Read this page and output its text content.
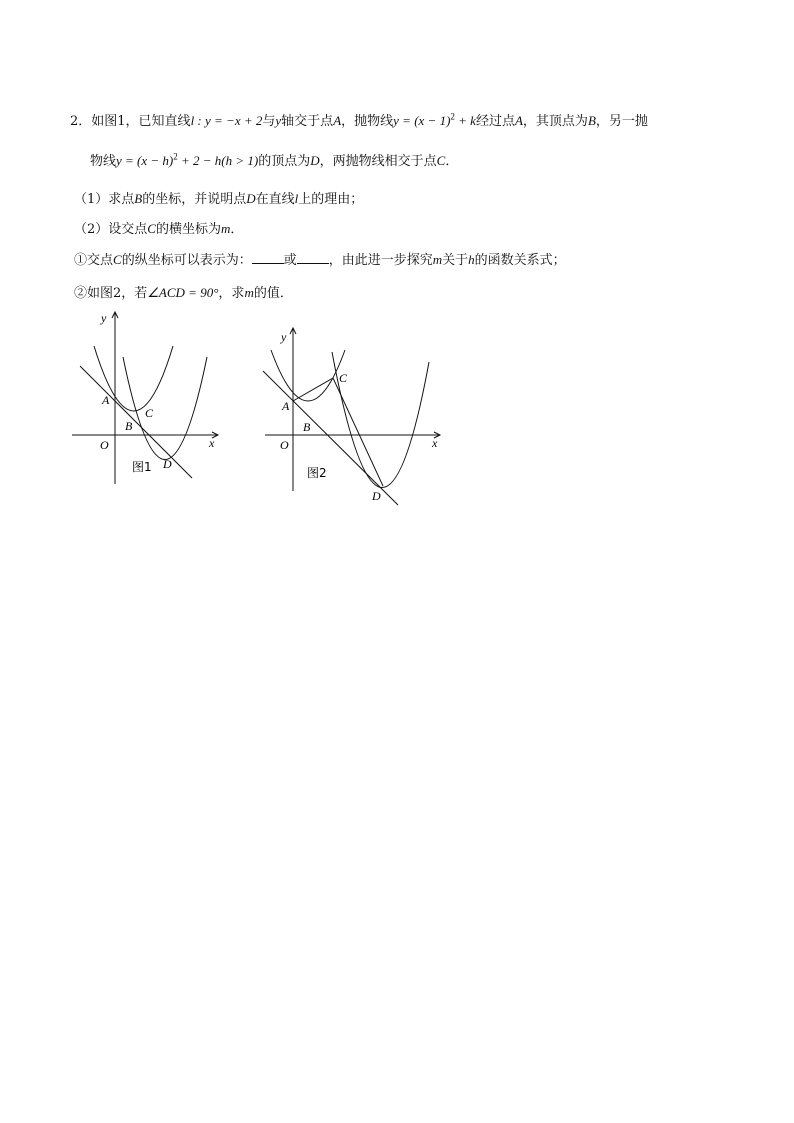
2．如图1，已知直线l : y = −x + 2与y轴交于点A，抛物线$y = (x - 1)^2 + k$经过点A，其顶点为B，另一抛
物线$y = (x - h)^2 + 2 - h(h > 1)$的顶点为D，两抛物线相交于点C．
（1）求点B的坐标，并说明点D在直线l上的理由；
（2）设交点C的横坐标为m．
①交点C的纵坐标可以表示为： 或 ，由此进一步探究m关于h的函数关系式；
②如图2，若∠ACD = 90°，求m的值．
y
x
O
A
B
C
D
图1
y
x
O
A
B
C
D
图2
